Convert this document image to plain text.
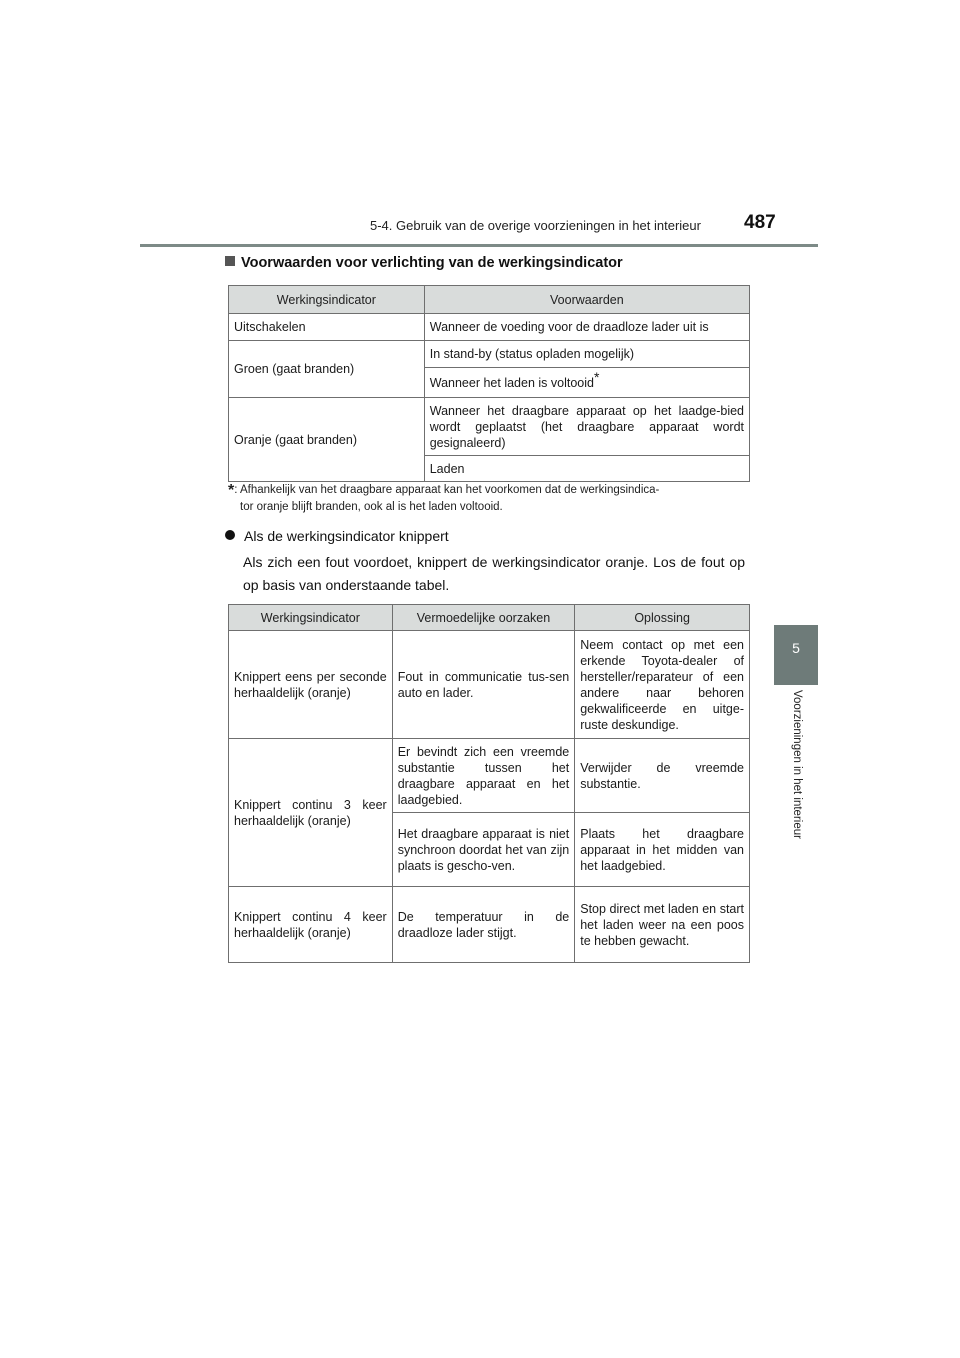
5-4. Gebruik van de overige voorzieningen in het interieur 487
5
Voorzieningen in het interieur
Voorwaarden voor verlichting van de werkingsindicator
Werkingsindicator	Voorwaarden
Uitschakelen	Wanneer de voeding voor de draadloze lader uit is
Groen (gaat branden)	In stand-by (status opladen mogelijk)
	Wanneer het laden is voltooid*
Oranje (gaat branden)	Wanneer het draagbare apparaat op het laadge-bied wordt geplaatst (het draagbare apparaat wordt gesignaleerd)
	Laden
*: Afhankelijk van het draagbare apparaat kan het voorkomen dat de werkingsindica-
tor oranje blijft branden, ook al is het laden voltooid.
Als de werkingsindicator knippert
Als zich een fout voordoet, knippert de werkingsindicator oranje. Los de fout op op basis van onderstaande tabel.
Werkingsindicator	Vermoedelijke oorzaken	Oplossing
Knippert eens per seconde herhaaldelijk (oranje)	Fout in communicatie tus-sen auto en lader.	Neem contact op met een erkende Toyota-dealer of hersteller/reparateur of een andere naar behoren gekwalificeerde en uitge-ruste deskundige.
Knippert continu 3 keer herhaaldelijk (oranje)	Er bevindt zich een vreemde substantie tussen het draagbare apparaat en het laadgebied.	Verwijder de vreemde substantie.
	Het draagbare apparaat is niet synchroon doordat het van zijn plaats is gescho-ven.	Plaats het draagbare apparaat in het midden van het laadgebied.
Knippert continu 4 keer herhaaldelijk (oranje)	De temperatuur in de draadloze lader stijgt.	Stop direct met laden en start het laden weer na een poos te hebben gewacht.
